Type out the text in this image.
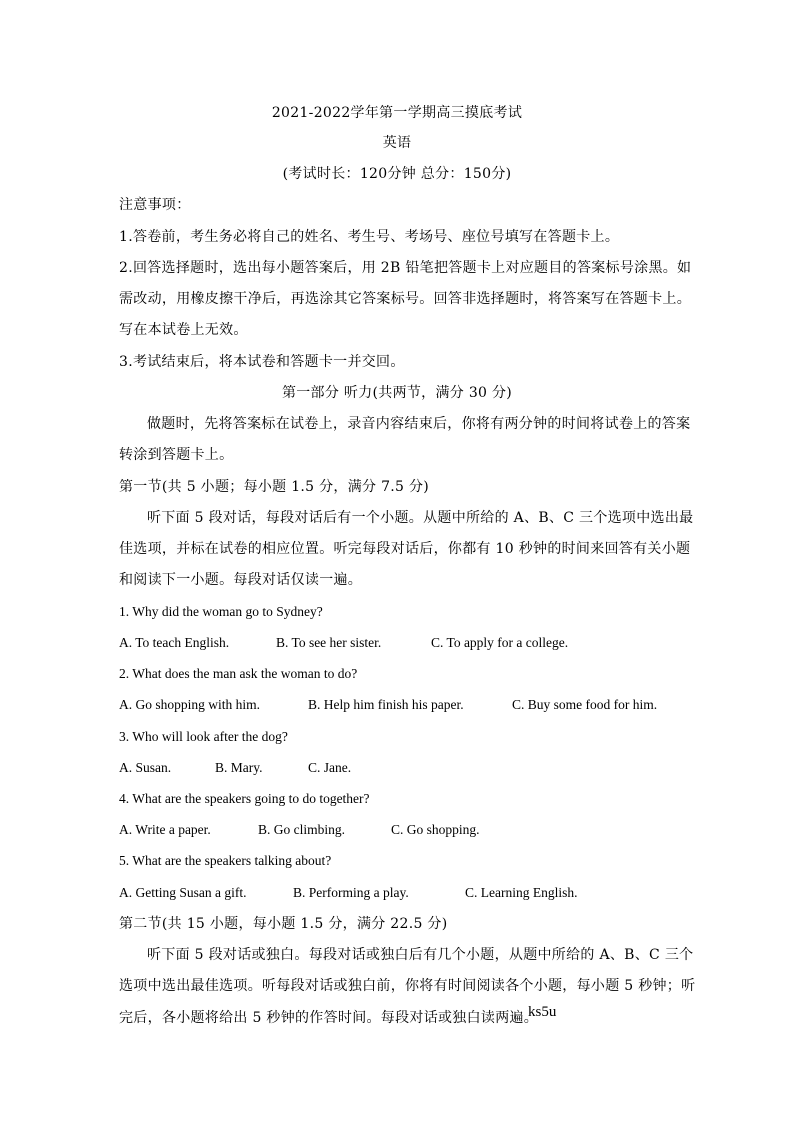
2021-2022学年第一学期高三摸底考试
英语
(考试时长：120分钟 总分：150分)
注意事项：
1.答卷前，考生务必将自己的姓名、考生号、考场号、座位号填写在答题卡上。
2.回答选择题时，选出每小题答案后，用 2B 铅笔把答题卡上对应题目的答案标号涂黑。如
需改动，用橡皮擦干净后，再选涂其它答案标号。回答非选择题时，将答案写在答题卡上。
写在本试卷上无效。
3.考试结束后，将本试卷和答题卡一并交回。
第一部分 听力(共两节，满分 30 分)
做题时，先将答案标在试卷上，录音内容结束后，你将有两分钟的时间将试卷上的答案
转涂到答题卡上。
第一节(共 5 小题；每小题 1.5 分，满分 7.5 分)
听下面 5 段对话，每段对话后有一个小题。从题中所给的 A、B、C 三个选项中选出最
佳选项，并标在试卷的相应位置。听完每段对话后，你都有 10 秒钟的时间来回答有关小题
和阅读下一小题。每段对话仅读一遍。
1. Why did the woman go to Sydney?
A. To teach English.	B. To see her sister.	C. To apply for a college.
2. What does the man ask the woman to do?
A. Go shopping with him.	B. Help him finish his paper.	C. Buy some food for him.
3. Who will look after the dog?
A. Susan.	B. Mary.	C. Jane.
4. What are the speakers going to do together?
A. Write a paper.	B. Go climbing.	C. Go shopping.
5. What are the speakers talking about?
A. Getting Susan a gift.	B. Performing a play.	C. Learning English.
第二节(共 15 小题，每小题 1.5 分，满分 22.5 分)
听下面 5 段对话或独白。每段对话或独白后有几个小题，从题中所给的 A、B、C 三个
选项中选出最佳选项。听每段对话或独白前，你将有时间阅读各个小题，每小题 5 秒钟；听
完后，各小题将给出 5 秒钟的作答时间。每段对话或独白读两遍。
ks5u
